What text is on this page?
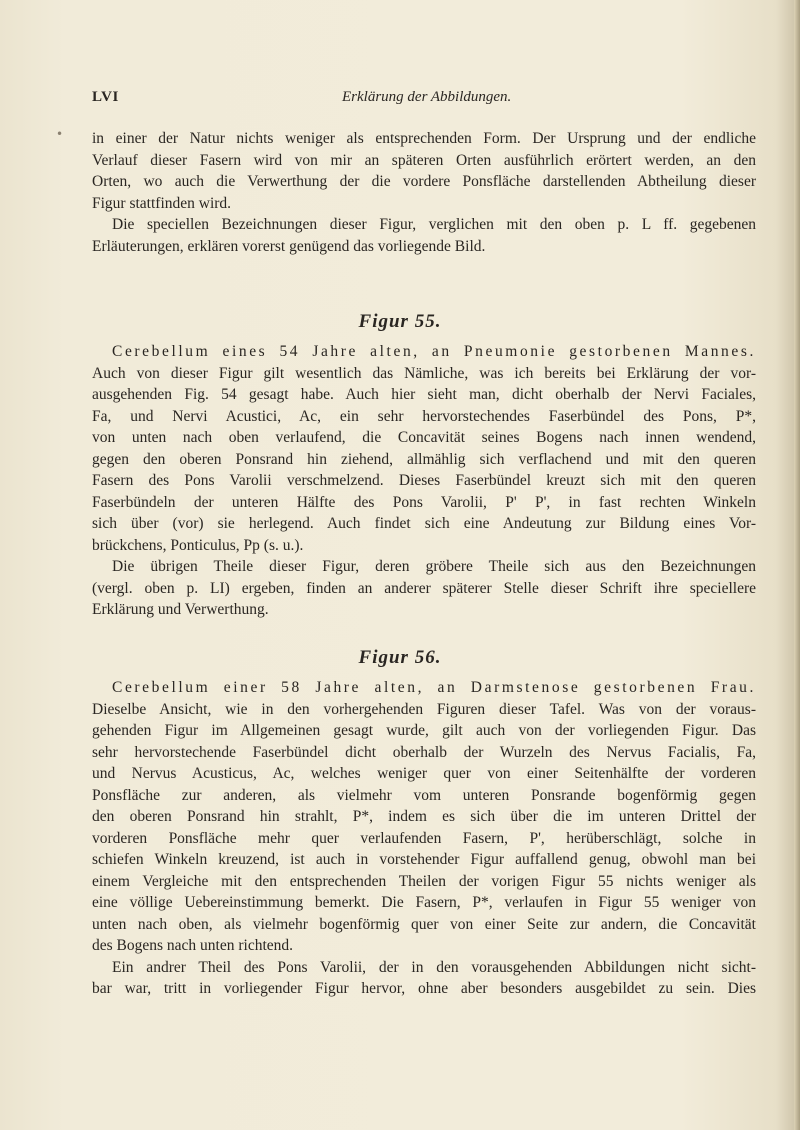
LVI	Erklärung der Abbildungen.
• in einer der Natur nichts weniger als entsprechenden Form. Der Ursprung und der endliche
Verlauf dieser Fasern wird von mir an späteren Orten ausführlich erörtert werden, an den
Orten, wo auch die Verwerthung der die vordere Ponsfläche darstellenden Abtheilung dieser
Figur stattfinden wird.
Die speciellen Bezeichnungen dieser Figur, verglichen mit den oben p. L ff. gegebenen
Erläuterungen, erklären vorerst genügend das vorliegende Bild.
Figur 55.
Cerebellum eines 54 Jahre alten, an Pneumonie gestorbenen Mannes.
Auch von dieser Figur gilt wesentlich das Nämliche, was ich bereits bei Erklärung der vor-
ausgehenden Fig. 54 gesagt habe. Auch hier sieht man, dicht oberhalb der Nervi Faciales,
Fa, und Nervi Acustici, Ac, ein sehr hervorstechendes Faserbündel des Pons, P*,
von unten nach oben verlaufend, die Concavität seines Bogens nach innen wendend,
gegen den oberen Ponsrand hin ziehend, allmählig sich verflachend und mit den queren
Fasern des Pons Varolii verschmelzend. Dieses Faserbündel kreuzt sich mit den queren
Faserbündeln der unteren Hälfte des Pons Varolii, P' P', in fast rechten Winkeln
sich über (vor) sie herlegend. Auch findet sich eine Andeutung zur Bildung eines Vor-
brückchens, Ponticulus, Pp (s. u.).
Die übrigen Theile dieser Figur, deren gröbere Theile sich aus den Bezeichnungen
(vergl. oben p. LI) ergeben, finden an anderer späterer Stelle dieser Schrift ihre speciellere
Erklärung und Verwerthung.
Figur 56.
Cerebellum einer 58 Jahre alten, an Darmstenose gestorbenen Frau.
Dieselbe Ansicht, wie in den vorhergehenden Figuren dieser Tafel. Was von der voraus-
gehenden Figur im Allgemeinen gesagt wurde, gilt auch von der vorliegenden Figur. Das
sehr hervorstechende Faserbündel dicht oberhalb der Wurzeln des Nervus Facialis, Fa,
und Nervus Acusticus, Ac, welches weniger quer von einer Seitenhälfte der vorderen
Ponsfläche zur anderen, als vielmehr vom unteren Ponsrande bogenförmig gegen
den oberen Ponsrand hin strahlt, P*, indem es sich über die im unteren Drittel der
vorderen Ponsfläche mehr quer verlaufenden Fasern, P', herüberschlägt, solche in
schiefen Winkeln kreuzend, ist auch in vorstehender Figur auffallend genug, obwohl man bei
einem Vergleiche mit den entsprechenden Theilen der vorigen Figur 55 nichts weniger als
eine völlige Uebereinstimmung bemerkt. Die Fasern, P*, verlaufen in Figur 55 weniger von
unten nach oben, als vielmehr bogenförmig quer von einer Seite zur andern, die Concavität
des Bogens nach unten richtend.
Ein andrer Theil des Pons Varolii, der in den vorausgehenden Abbildungen nicht sicht-
bar war, tritt in vorliegender Figur hervor, ohne aber besonders ausgebildet zu sein. Dies
